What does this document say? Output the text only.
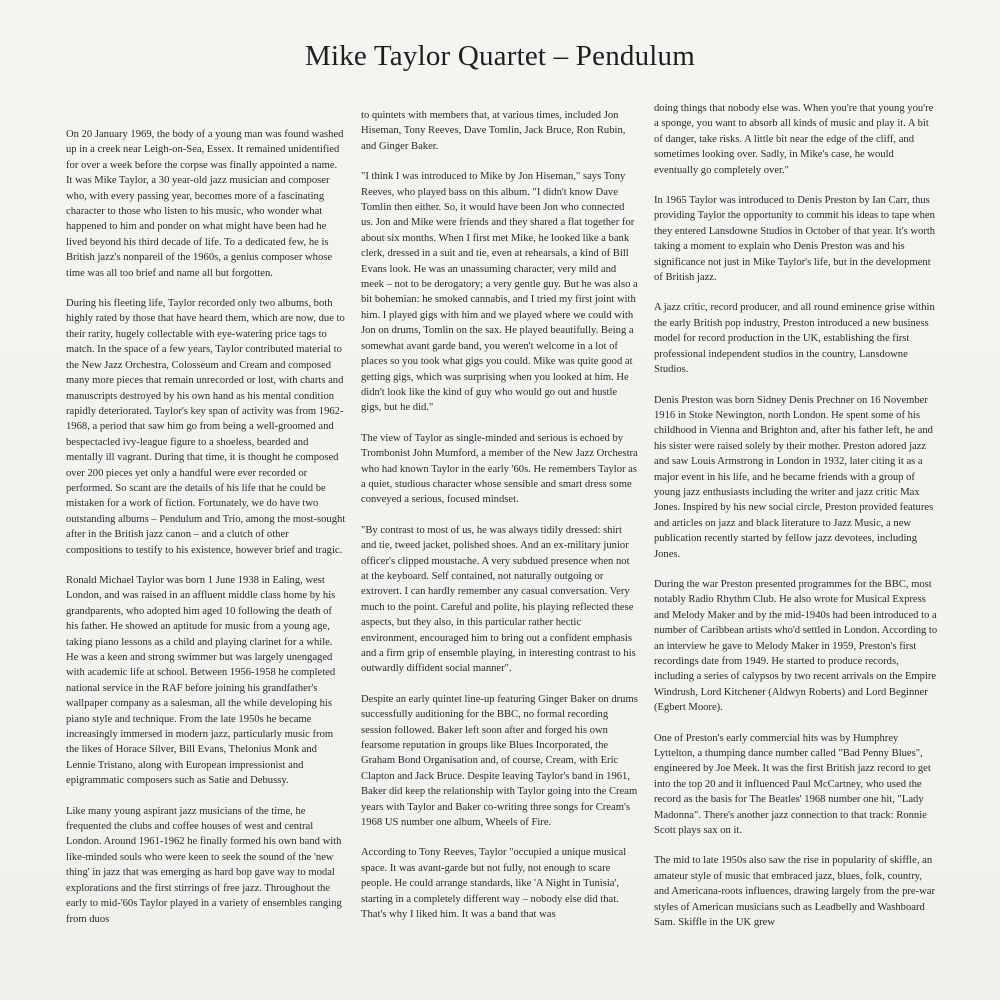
Mike Taylor Quartet – Pendulum

On 20 January 1969, the body of a young man was found washed up in a creek near Leigh-on-Sea, Essex. It remained unidentified for over a week before the corpse was finally appointed a name. It was Mike Taylor, a 30 year-old jazz musician and composer who, with every passing year, becomes more of a fascinating character to those who listen to his music, who wonder what happened to him and ponder on what might have been had he lived beyond his third decade of life. To a dedicated few, he is British jazz's nonpareil of the 1960s, a genius composer whose time was all too brief and name all but forgotten.

During his fleeting life, Taylor recorded only two albums, both highly rated by those that have heard them, which are now, due to their rarity, hugely collectable with eye-watering price tags to match. In the space of a few years, Taylor contributed material to the New Jazz Orchestra, Colosseum and Cream and composed many more pieces that remain unrecorded or lost, with charts and manuscripts destroyed by his own hand as his mental condition rapidly deteriorated. Taylor's key span of activity was from 1962-1968, a period that saw him go from being a well-groomed and bespectacled ivy-league figure to a shoeless, bearded and mentally ill vagrant. During that time, it is thought he composed over 200 pieces yet only a handful were ever recorded or performed. So scant are the details of his life that he could be mistaken for a work of fiction. Fortunately, we do have two outstanding albums – Pendulum and Trio, among the most-sought after in the British jazz canon – and a clutch of other compositions to testify to his existence, however brief and tragic.

Ronald Michael Taylor was born 1 June 1938 in Ealing, west London, and was raised in an affluent middle class home by his grandparents, who adopted him aged 10 following the death of his father. He showed an aptitude for music from a young age, taking piano lessons as a child and playing clarinet for a while. He was a keen and strong swimmer but was largely unengaged with academic life at school. Between 1956-1958 he completed national service in the RAF before joining his grandfather's wallpaper company as a salesman, all the while developing his piano style and technique. From the late 1950s he became increasingly immersed in modern jazz, particularly music from the likes of Horace Silver, Bill Evans, Thelonius Monk and Lennie Tristano, along with European impressionist and epigrammatic composers such as Satie and Debussy.

Like many young aspirant jazz musicians of the time, he frequented the clubs and coffee houses of west and central London. Around 1961-1962 he finally formed his own band with like-minded souls who were keen to seek the sound of the 'new thing' in jazz that was emerging as hard bop gave way to modal explorations and the first stirrings of free jazz. Throughout the early to mid-'60s Taylor played in a variety of ensembles ranging from duos

to quintets with members that, at various times, included Jon Hiseman, Tony Reeves, Dave Tomlin, Jack Bruce, Ron Rubin, and Ginger Baker.

"I think I was introduced to Mike by Jon Hiseman," says Tony Reeves, who played bass on this album. "I didn't know Dave Tomlin then either. So, it would have been Jon who connected us. Jon and Mike were friends and they shared a flat together for about six months. When I first met Mike, he looked like a bank clerk, dressed in a suit and tie, even at rehearsals, a kind of Bill Evans look. He was an unassuming character, very mild and meek – not to be derogatory; a very gentle guy. But he was also a bit bohemian: he smoked cannabis, and I tried my first joint with him. I played gigs with him and we played where we could with Jon on drums, Tomlin on the sax. He played beautifully. Being a somewhat avant garde band, you weren't welcome in a lot of places so you took what gigs you could. Mike was quite good at getting gigs, which was surprising when you looked at him. He didn't look like the kind of guy who would go out and hustle gigs, but he did."

The view of Taylor as single-minded and serious is echoed by Trombonist John Mumford, a member of the New Jazz Orchestra who had known Taylor in the early '60s. He remembers Taylor as a quiet, studious character whose sensible and smart dress some conveyed a serious, focused mindset.

"By contrast to most of us, he was always tidily dressed: shirt and tie, tweed jacket, polished shoes. And an ex-military junior officer's clipped moustache. A very subdued presence when not at the keyboard. Self contained, not naturally outgoing or extrovert. I can hardly remember any casual conversation. Very much to the point. Careful and polite, his playing reflected these aspects, but they also, in this particular rather hectic environment, encouraged him to bring out a confident emphasis and a firm grip of ensemble playing, in interesting contrast to his outwardly diffident social manner".

Despite an early quintet line-up featuring Ginger Baker on drums successfully auditioning for the BBC, no formal recording session followed. Baker left soon after and forged his own fearsome reputation in groups like Blues Incorporated, the Graham Bond Organisation and, of course, Cream, with Eric Clapton and Jack Bruce. Despite leaving Taylor's band in 1961, Baker did keep the relationship with Taylor going into the Cream years with Taylor and Baker co-writing three songs for Cream's 1968 US number one album, Wheels of Fire.

According to Tony Reeves, Taylor "occupied a unique musical space. It was avant-garde but not fully, not enough to scare people. He could arrange standards, like 'A Night in Tunisia', starting in a completely different way – nobody else did that. That's why I liked him. It was a band that was

doing things that nobody else was. When you're that young you're a sponge, you want to absorb all kinds of music and play it. A bit of danger, take risks. A little bit near the edge of the cliff, and sometimes looking over. Sadly, in Mike's case, he would eventually go completely over."

In 1965 Taylor was introduced to Denis Preston by Ian Carr, thus providing Taylor the opportunity to commit his ideas to tape when they entered Lansdowne Studios in October of that year. It's worth taking a moment to explain who Denis Preston was and his significance not just in Mike Taylor's life, but in the development of British jazz.

A jazz critic, record producer, and all round eminence grise within the early British pop industry, Preston introduced a new business model for record production in the UK, establishing the first professional independent studios in the country, Lansdowne Studios.

Denis Preston was born Sidney Denis Prechner on 16 November 1916 in Stoke Newington, north London. He spent some of his childhood in Vienna and Brighton and, after his father left, he and his sister were raised solely by their mother. Preston adored jazz and saw Louis Armstrong in London in 1932, later citing it as a major event in his life, and he became friends with a group of young jazz enthusiasts including the writer and jazz critic Max Jones. Inspired by his new social circle, Preston provided features and articles on jazz and black literature to Jazz Music, a new publication recently started by fellow jazz devotees, including Jones.

During the war Preston presented programmes for the BBC, most notably Radio Rhythm Club. He also wrote for Musical Express and Melody Maker and by the mid-1940s had been introduced to a number of Caribbean artists who'd settled in London. According to an interview he gave to Melody Maker in 1959, Preston's first recordings date from 1949. He started to produce records, including a series of calypsos by two recent arrivals on the Empire Windrush, Lord Kitchener (Aldwyn Roberts) and Lord Beginner (Egbert Moore).

One of Preston's early commercial hits was by Humphrey Lyttelton, a thumping dance number called "Bad Penny Blues", engineered by Joe Meek. It was the first British jazz record to get into the top 20 and it influenced Paul McCartney, who used the record as the basis for The Beatles' 1968 number one hit, "Lady Madonna". There's another jazz connection to that track: Ronnie Scott plays sax on it.

The mid to late 1950s also saw the rise in popularity of skiffle, an amateur style of music that embraced jazz, blues, folk, country, and Americana-roots influences, drawing largely from the pre-war styles of American musicians such as Leadbelly and Washboard Sam. Skiffle in the UK grew
